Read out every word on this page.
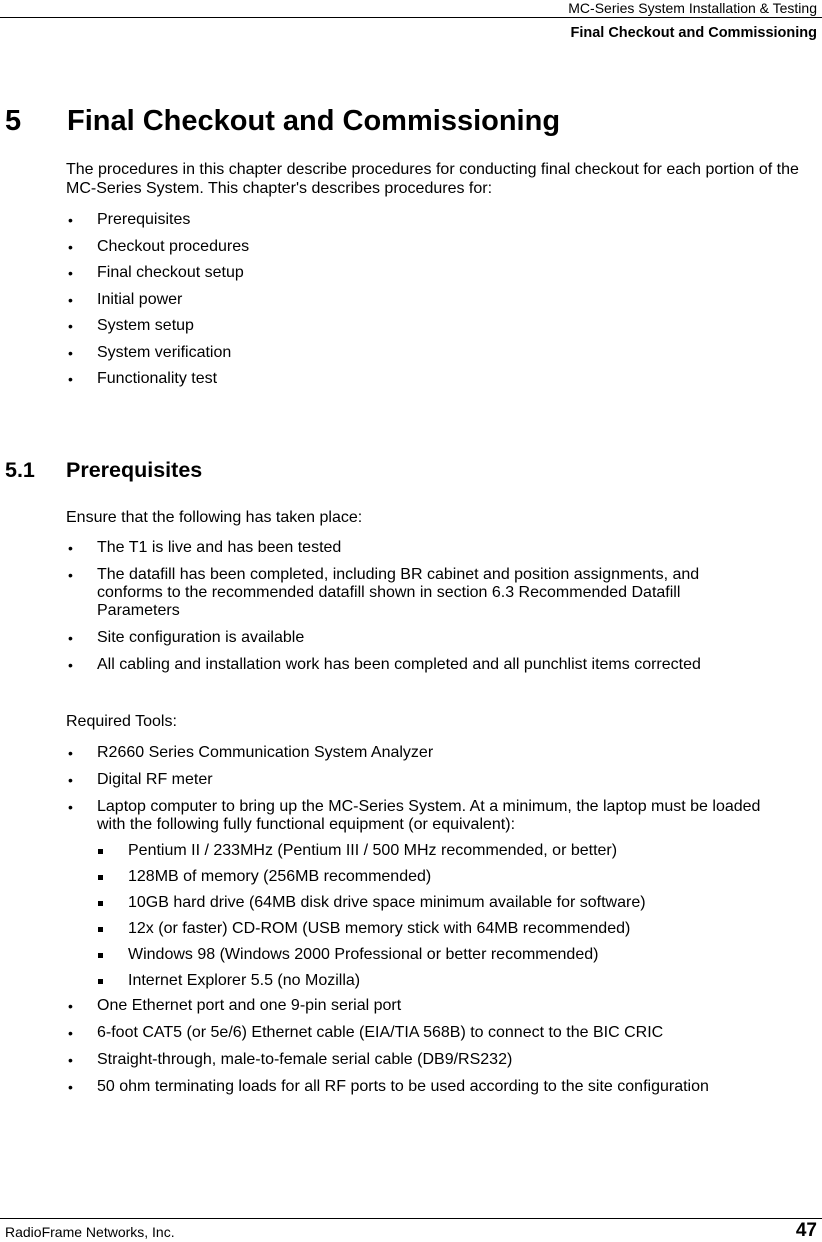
MC-Series System Installation & Testing
Final Checkout and Commissioning
5 Final Checkout and Commissioning
The procedures in this chapter describe procedures for conducting final checkout for each portion of the MC-Series System. This chapter's describes procedures for:
• Prerequisites
• Checkout procedures
• Final checkout setup
• Initial power
• System setup
• System verification
• Functionality test
5.1 Prerequisites
Ensure that the following has taken place:
• The T1 is live and has been tested
• The datafill has been completed, including BR cabinet and position assignments, and conforms to the recommended datafill shown in section 6.3 Recommended Datafill Parameters
• Site configuration is available
• All cabling and installation work has been completed and all punchlist items corrected
Required Tools:
• R2660 Series Communication System Analyzer
• Digital RF meter
• Laptop computer to bring up the MC-Series System. At a minimum, the laptop must be loaded with the following fully functional equipment (or equivalent):
Pentium II / 233MHz (Pentium III / 500 MHz recommended, or better)
128MB of memory (256MB recommended)
10GB hard drive (64MB disk drive space minimum available for software)
12x (or faster) CD-ROM (USB memory stick with 64MB recommended)
Windows 98 (Windows 2000 Professional or better recommended)
Internet Explorer 5.5 (no Mozilla)
• One Ethernet port and one 9-pin serial port
• 6-foot CAT5 (or 5e/6) Ethernet cable (EIA/TIA 568B) to connect to the BIC CRIC
• Straight-through, male-to-female serial cable (DB9/RS232)
• 50 ohm terminating loads for all RF ports to be used according to the site configuration
RadioFrame Networks, Inc.	47
